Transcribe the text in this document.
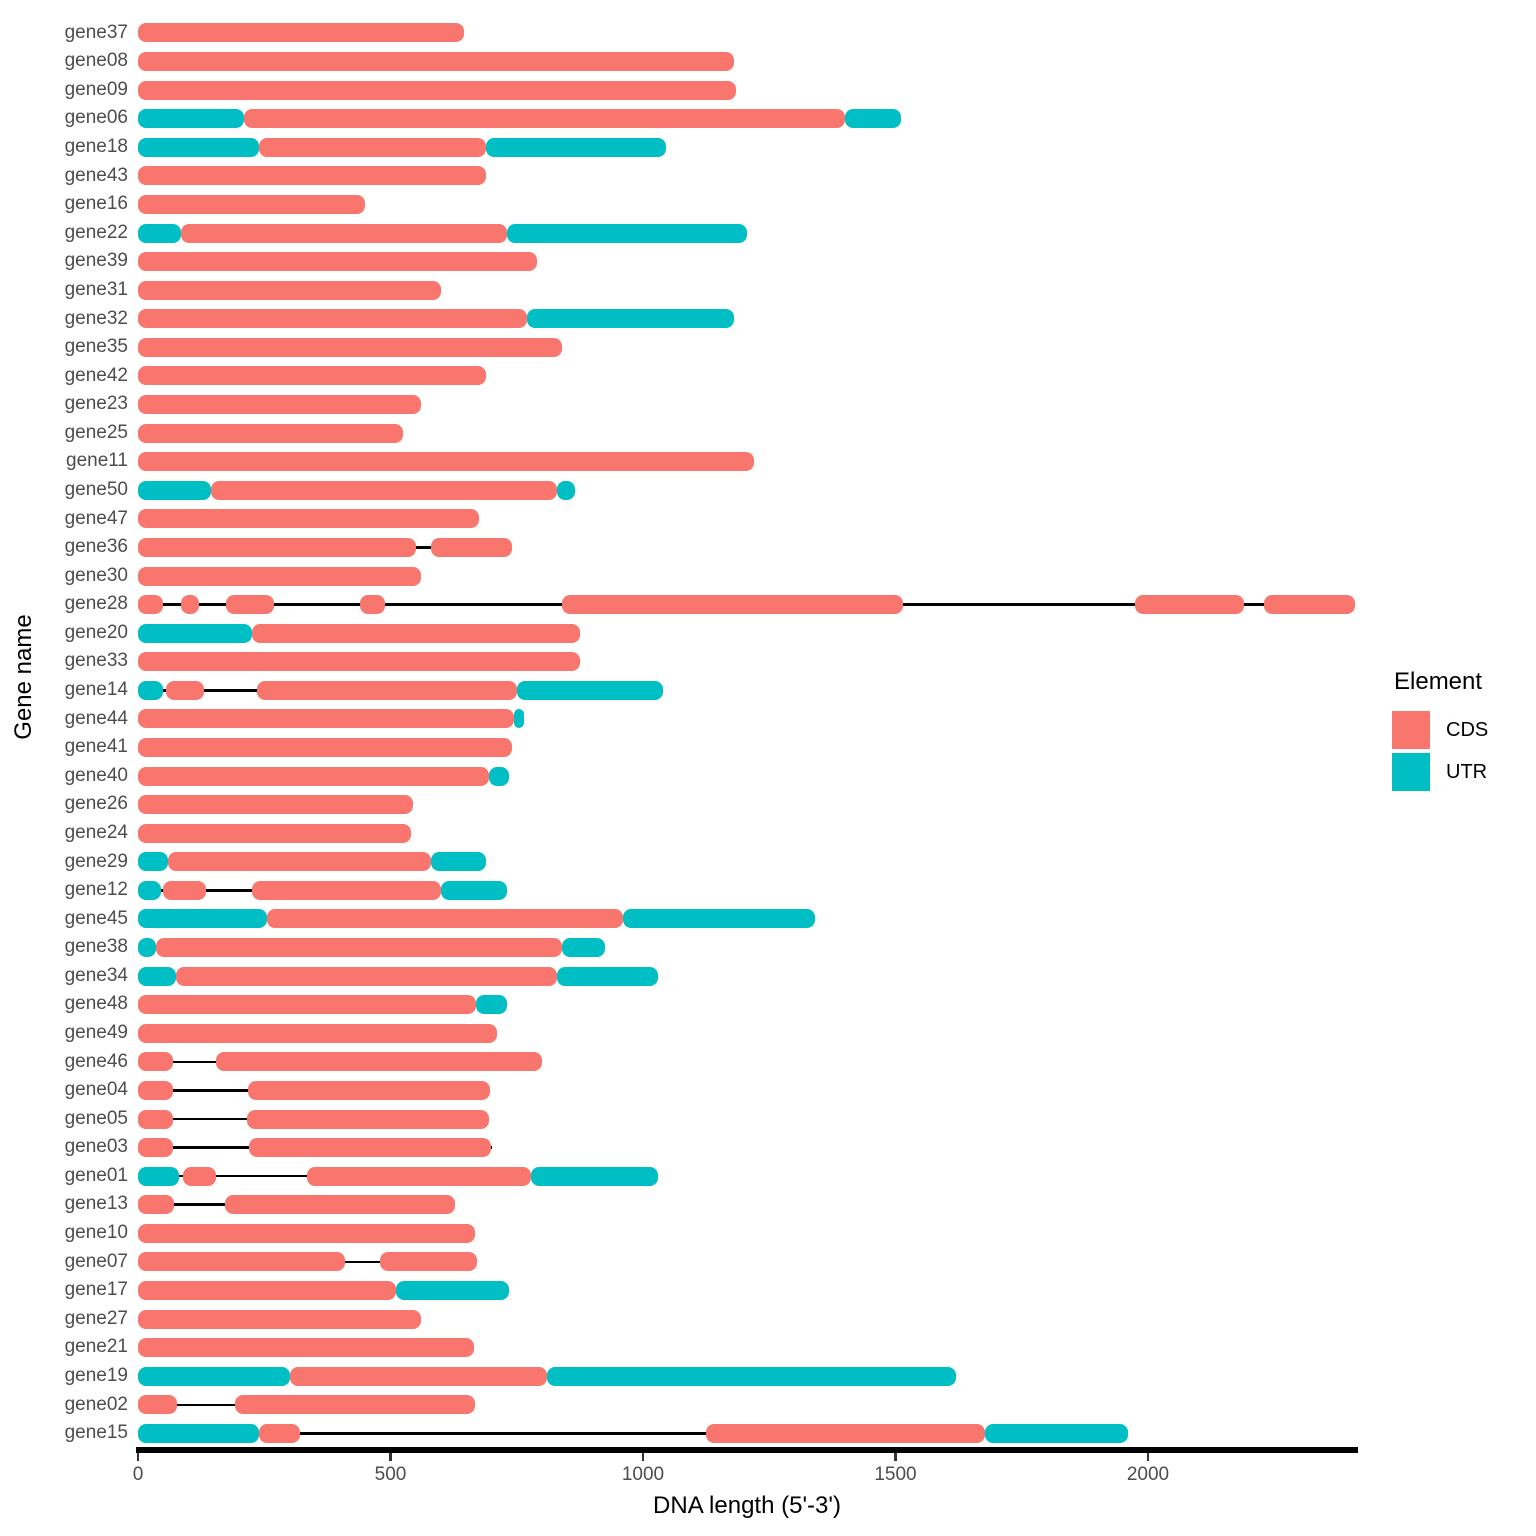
gene37
gene08
gene09
gene06
gene18
gene43
gene16
gene22
gene39
gene31
gene32
gene35
gene42
gene23
gene25
gene11
gene50
gene47
gene36
gene30
gene28
gene20
gene33
gene14
gene44
gene41
gene40
gene26
gene24
gene29
gene12
gene45
gene38
gene34
gene48
gene49
gene46
gene04
gene05
gene03
gene01
gene13
gene10
gene07
gene17
gene27
gene21
gene19
gene02
gene15
0	500	1000	1500	2000
DNA length (5'-3')
Gene name	Element
CDS
UTR
